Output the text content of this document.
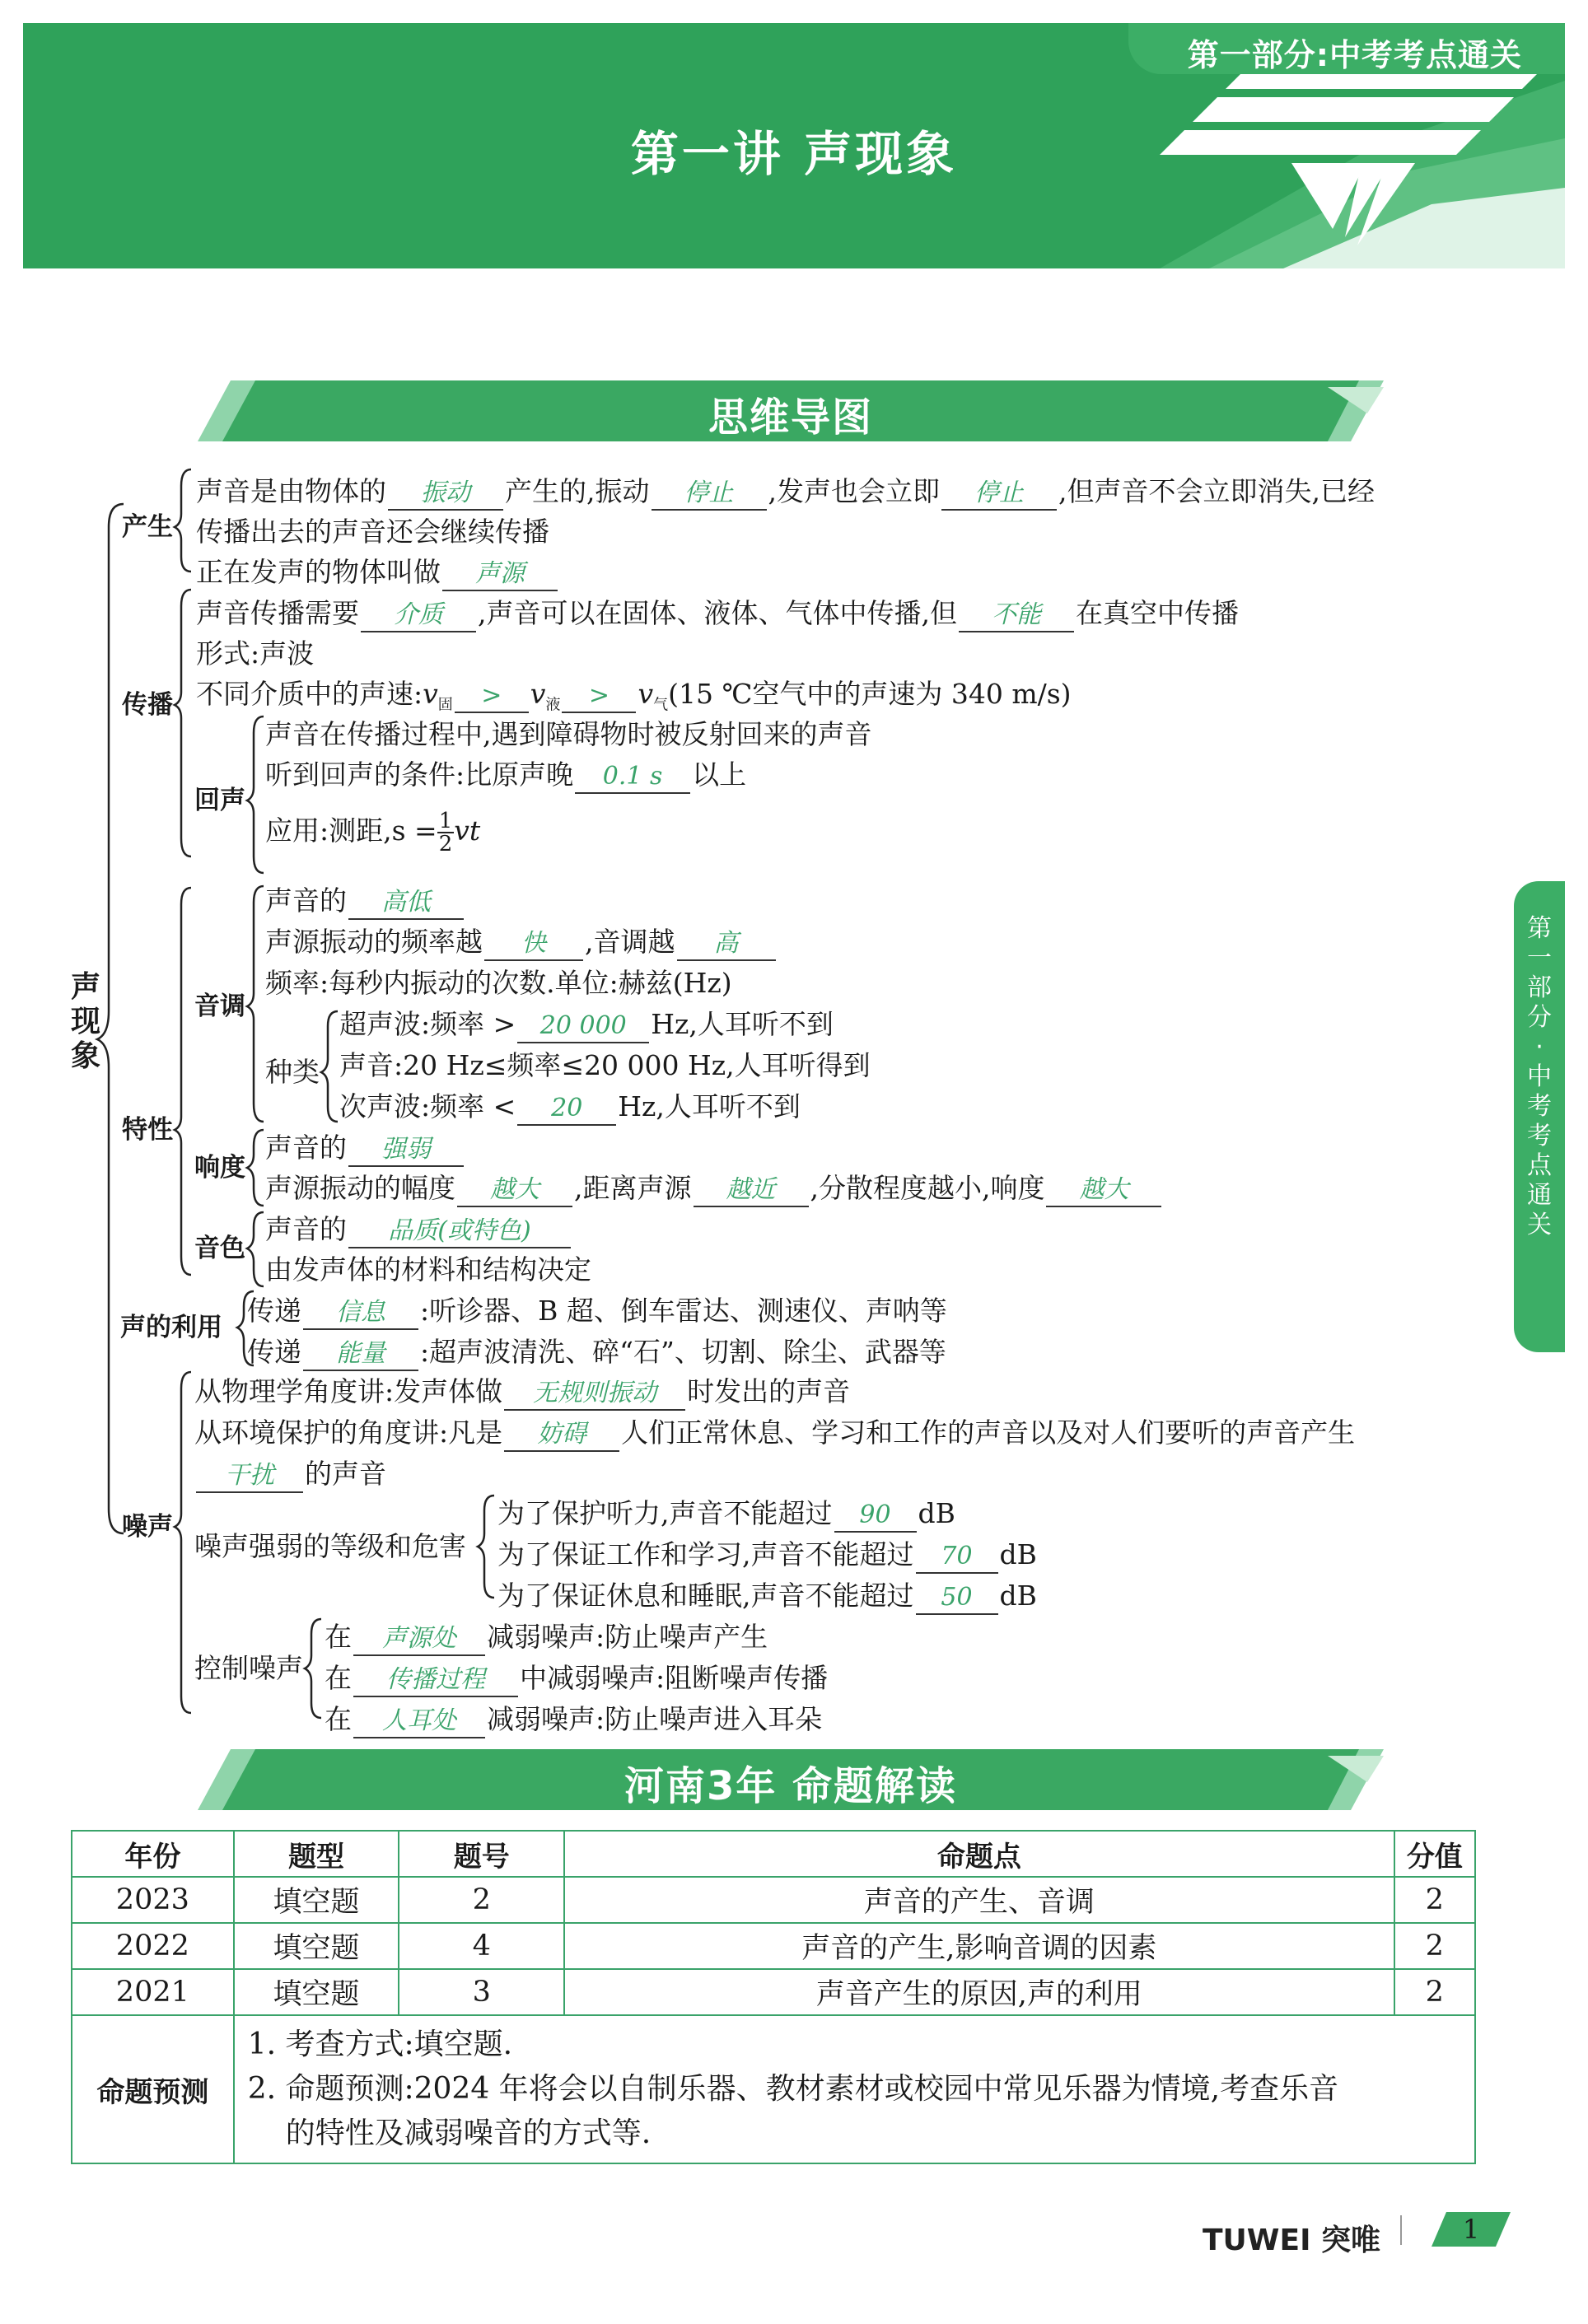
第一部分:中考考点通关
第一讲 声现象
思维导图
声现象
产生
传播
回声
特性
音调
种类
响度
音色
声的利用
噪声
噪声强弱的等级和危害
控制噪声
声音是由物体的 振动 产生的,振动 停止 ,发声也会立即 停止 ,但声音不会立即消失,已经
传播出去的声音还会继续传播
正在发声的物体叫做 声源
声音传播需要 介质 ,声音可以在固体、液体、气体中传播,但 不能 在真空中传播
形式:声波
不同介质中的声速$:v_固 > v_液 > v_气(15$ ℃空气中的声速为 340 m/s)
声音在传播过程中,遇到障碍物时被反射回来的声音
听到回声的条件:比原声晚 0.1 s 以上
应用:测距$,s = \frac{1}{2}$ vt
声音的 高低
声源振动的频率越 快 ,音调越 高
频率:每秒内振动的次数.单位:赫兹(Hz)
超声波:频率 > 20 000 Hz,人耳听不到
声音:20 Hz≤频率≤20 000 Hz,人耳听得到
次声波:频率 < 20 Hz,人耳听不到
声音的 强弱
声源振动的幅度 越大 ,距离声源 越近 ,分散程度越小,响度 越大
声音的 品质(或特色)
由发声体的材料和结构决定
传递 信息 :听诊器、B 超、倒车雷达、测速仪、声呐等
传递 能量 :超声波清洗、碎“石”、切割、除尘、武器等
从物理学角度讲:发声体做 无规则振动 时发出的声音
从环境保护的角度讲:凡是 妨碍 人们正常休息、学习和工作的声音以及对人们要听的声音产生
干扰 的声音
为了保护听力,声音不能超过 90 dB
为了保证工作和学习,声音不能超过 70 dB
为了保证休息和睡眠,声音不能超过 50 dB
在 声源处 减弱噪声:防止噪声产生
在 传播过程 中减弱噪声:阻断噪声传播
在 人耳处 减弱噪声:防止噪声进入耳朵
河南3年 命题解读
年份	题型	题号	命题点	分值
2023	填空题	2	声音的产生、音调	2
2022	填空题	4	声音的产生,影响音调的因素	2
2021	填空题	3	声音产生的原因,声的利用	2
命题预测	1. 考查方式:填空题.
2. 命题预测:2024 年将会以自制乐器、教材素材或校园中常见乐器为情境,考查乐音
的特性及减弱噪音的方式等.			
第一部分·中考考点通关
TUWEI 突唯	1
